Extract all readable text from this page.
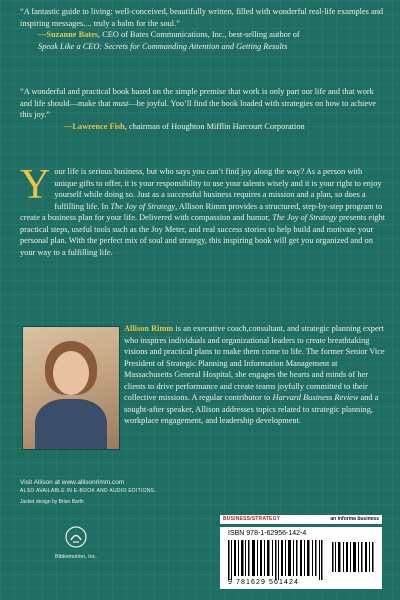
“A fantastic guide to living: well-conceived, beautifully written, filled with wonderful real-life examples and inspiring messages.... truly a balm for the soul.”

—Suzanne Bates, CEO of Bates Communications, Inc., best-selling author of
Speak Like a CEO: Secrets for Commanding Attention and Getting Results

“A wonderful and practical book based on the simple premise that work is only part our life and that work and life should—make that must—be joyful. You’ll find the book loaded with strategies on how to achieve this joy.”

—Lawrence Fish, chairman of Houghton Mifflin Harcourt Corporation

Your life is serious business, but who says you can’t find joy along the way? As a person with unique gifts to offer, it is your responsibility to use your talents wisely and it is your right to enjoy yourself while doing so. Just as a successful business requires a mission and a plan, so does a fulfilling life. In The Joy of Strategy, Allison Rimm provides a structured, step-by-step program to create a business plan for your life. Delivered with compassion and humor, The Joy of Strategy presents eight practical steps, useful tools such as the Joy Meter, and real success stories to help build and motivate your personal plan. With the perfect mix of soul and strategy, this inspiring book will get you organized and on your way to a fulfilling life.
Allison Rimm is an executive coach,consultant, and strategic planning expert who inspires individuals and organizational leaders to create breathtaking visions and practical plans to make them come to life. The former Senior Vice President of Strategic Planning and Information Management at Massachusetts General Hospital, she engages the hearts and minds of her clients to drive performance and create teams joyfully committed to their collective missions. A regular contributor to Harvard Business Review and a sought-after speaker, Allison addresses topics related to strategic planning, workplace engagement, and leadership development.
Visit Allison at www.allisonrimm.com
ALSO AVAILABLE IN E-BOOK AND AUDIO EDITIONS.
Jacket design by Brian Barth
Bibliomotion, Inc.
BUSINESS/STRATEGY	an informa business
ISBN 978-1-62956-142-4
9 781629 561424
